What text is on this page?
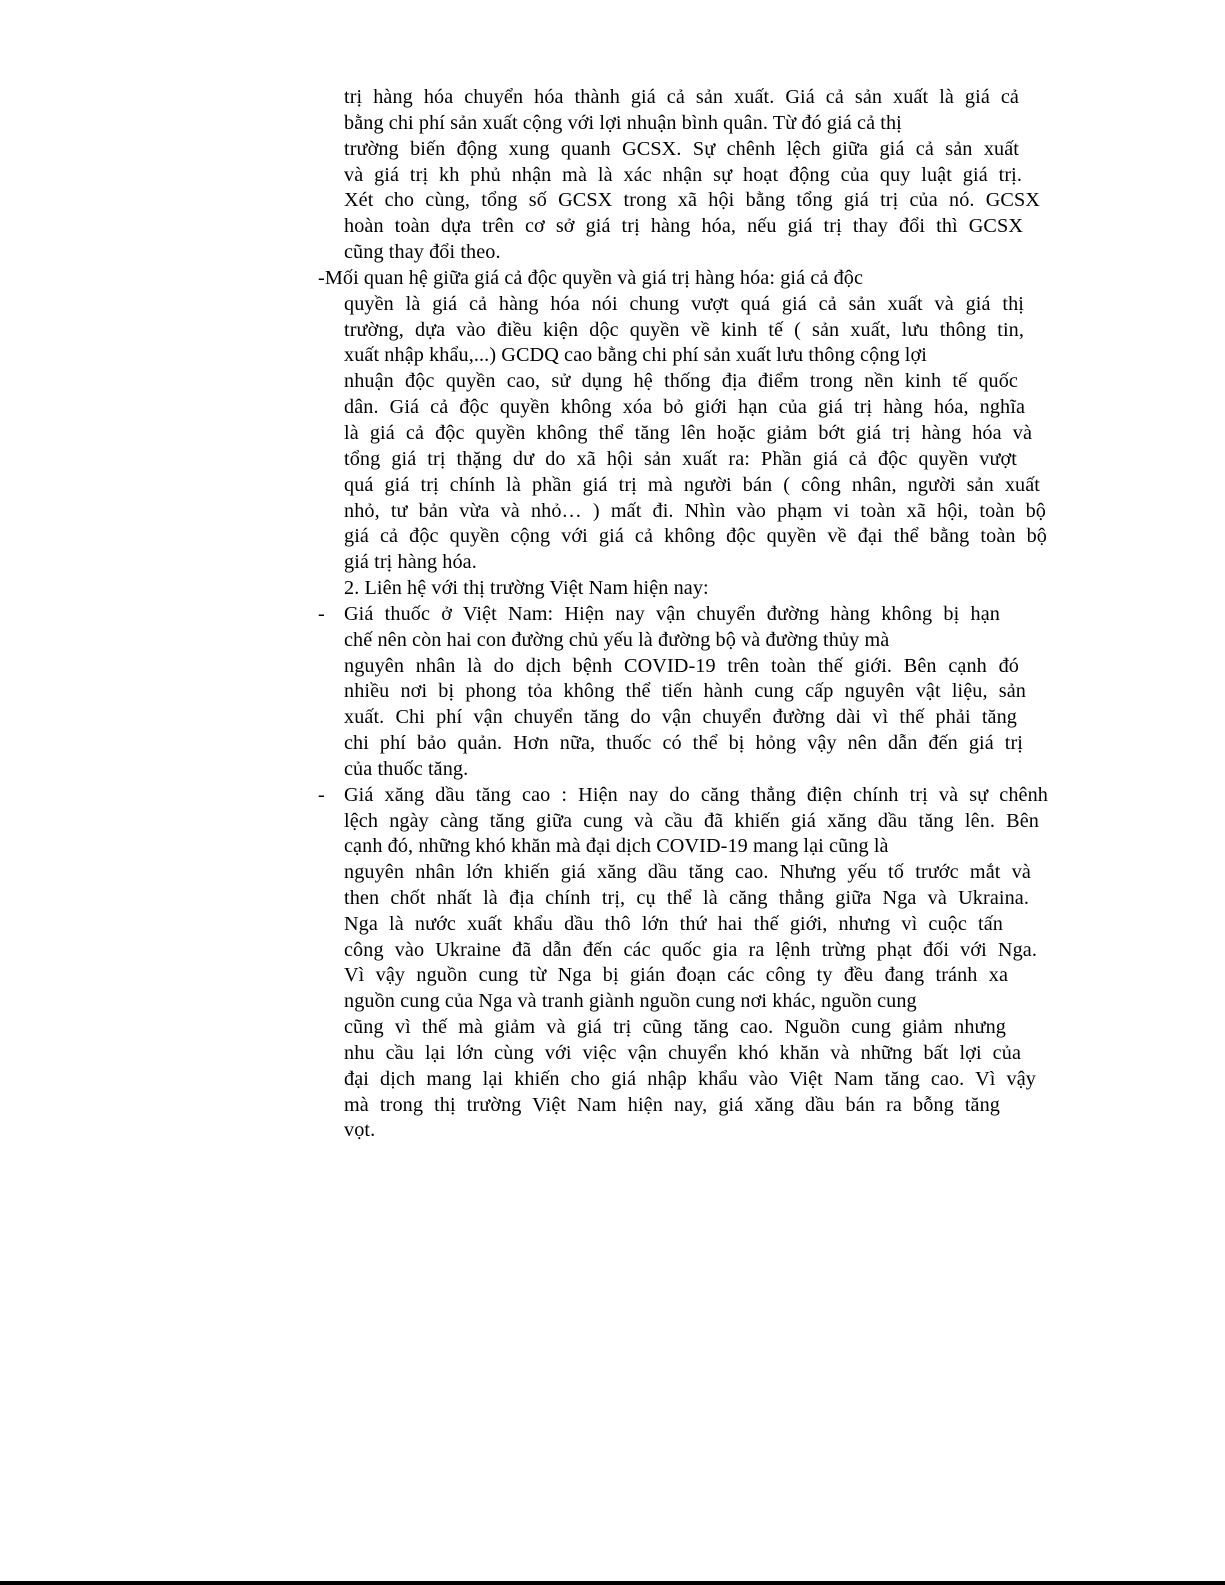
trị hàng hóa chuyển hóa thành giá cả sản xuất. Giá cả sản xuất là giá cả
bằng chi phí sản xuất cộng với lợi nhuận bình quân. Từ đó giá cả thị
trường biến động xung quanh GCSX. Sự chênh lệch giữa giá cả sản xuất
và giá trị kh phủ nhận mà là xác nhận sự hoạt động của quy luật giá trị.
Xét cho cùng, tổng số GCSX trong xã hội bằng tổng giá trị của nó. GCSX
hoàn toàn dựa trên cơ sở giá trị hàng hóa, nếu giá trị thay đổi thì GCSX
cũng thay đổi theo.
-Mối quan hệ giữa giá cả độc quyền và giá trị hàng hóa: giá cả độc
quyền là giá cả hàng hóa nói chung vượt quá giá cả sản xuất và giá thị
trường, dựa vào điều kiện dộc quyền về kinh tế ( sản xuất, lưu thông tin,
xuất nhập khẩu,...) GCDQ cao bằng chi phí sản xuất lưu thông cộng lợi
nhuận độc quyền cao, sử dụng hệ thống địa điểm trong nền kinh tế quốc
dân. Giá cả độc quyền không xóa bỏ giới hạn của giá trị hàng hóa, nghĩa
là giá cả độc quyền không thể tăng lên hoặc giảm bớt giá trị hàng hóa và
tổng giá trị thặng dư do xã hội sản xuất ra: Phần giá cả độc quyền vượt
quá giá trị chính là phần giá trị mà người bán ( công nhân, người sản xuất
nhỏ, tư bản vừa và nhỏ… ) mất đi. Nhìn vào phạm vi toàn xã hội, toàn bộ
giá cả độc quyền cộng với giá cả không độc quyền về đại thể bằng toàn bộ
giá trị hàng hóa.
2. Liên hệ với thị trường Việt Nam hiện nay:
- Giá thuốc ở Việt Nam: Hiện nay vận chuyển đường hàng không bị hạn
chế nên còn hai con đường chủ yếu là đường bộ và đường thủy mà
nguyên nhân là do dịch bệnh COVID-19 trên toàn thế giới. Bên cạnh đó
nhiều nơi bị phong tỏa không thể tiến hành cung cấp nguyên vật liệu, sản
xuất. Chi phí vận chuyển tăng do vận chuyển đường dài vì thế phải tăng
chi phí bảo quản. Hơn nữa, thuốc có thể bị hỏng vậy nên dẫn đến giá trị
của thuốc tăng.
- Giá xăng dầu tăng cao : Hiện nay do căng thẳng điện chính trị và sự chênh
lệch ngày càng tăng giữa cung và cầu đã khiến giá xăng dầu tăng lên. Bên
cạnh đó, những khó khăn mà đại dịch COVID-19 mang lại cũng là
nguyên nhân lớn khiến giá xăng dầu tăng cao. Nhưng yếu tố trước mắt và
then chốt nhất là địa chính trị, cụ thể là căng thẳng giữa Nga và Ukraina.
Nga là nước xuất khẩu dầu thô lớn thứ hai thế giới, nhưng vì cuộc tấn
công vào Ukraine đã dẫn đến các quốc gia ra lệnh trừng phạt đối với Nga.
Vì vậy nguồn cung từ Nga bị gián đoạn các công ty đều đang tránh xa
nguồn cung của Nga và tranh giành nguồn cung nơi khác, nguồn cung
cũng vì thế mà giảm và giá trị cũng tăng cao. Nguồn cung giảm nhưng
nhu cầu lại lớn cùng với việc vận chuyển khó khăn và những bất lợi của
đại dịch mang lại khiến cho giá nhập khẩu vào Việt Nam tăng cao. Vì vậy
mà trong thị trường Việt Nam hiện nay, giá xăng dầu bán ra bỗng tăng
vọt.
